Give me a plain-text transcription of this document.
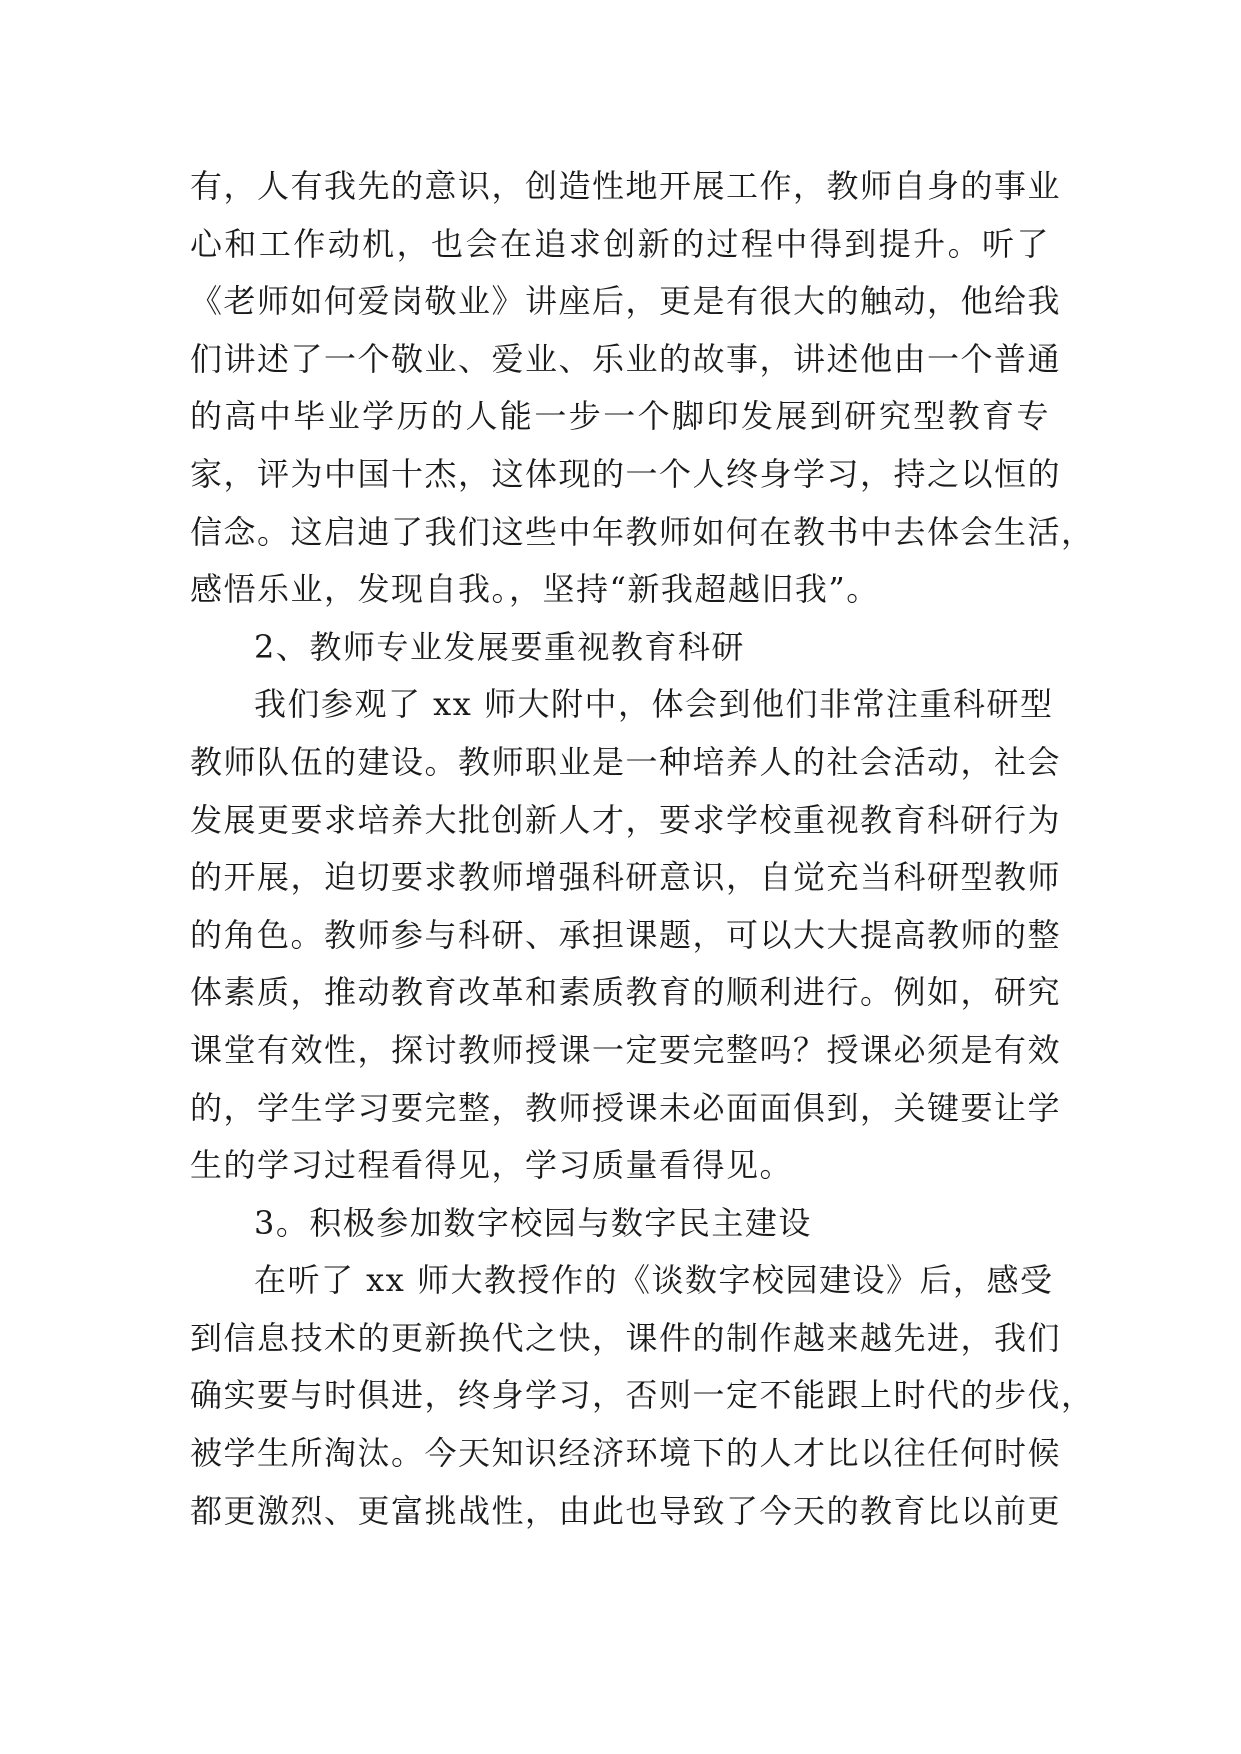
有，人有我先的意识，创造性地开展工作，教师自身的事业
心和工作动机，也会在追求创新的过程中得到提升。听了
《老师如何爱岗敬业》讲座后，更是有很大的触动，他给我
们讲述了一个敬业、爱业、乐业的故事，讲述他由一个普通
的高中毕业学历的人能一步一个脚印发展到研究型教育专
家，评为中国十杰，这体现的一个人终身学习，持之以恒的
信念。这启迪了我们这些中年教师如何在教书中去体会生活，
感悟乐业，发现自我。，坚持“新我超越旧我”。
2、教师专业发展要重视教育科研
我们参观了 xx 师大附中，体会到他们非常注重科研型
教师队伍的建设。教师职业是一种培养人的社会活动，社会
发展更要求培养大批创新人才，要求学校重视教育科研行为
的开展，迫切要求教师增强科研意识，自觉充当科研型教师
的角色。教师参与科研、承担课题，可以大大提高教师的整
体素质，推动教育改革和素质教育的顺利进行。例如，研究
课堂有效性，探讨教师授课一定要完整吗？授课必须是有效
的，学生学习要完整，教师授课未必面面俱到，关键要让学
生的学习过程看得见，学习质量看得见。
3。积极参加数字校园与数字民主建设
在听了 xx 师大教授作的《谈数字校园建设》后，感受
到信息技术的更新换代之快，课件的制作越来越先进，我们
确实要与时俱进，终身学习，否则一定不能跟上时代的步伐，
被学生所淘汰。今天知识经济环境下的人才比以往任何时候
都更激烈、更富挑战性，由此也导致了今天的教育比以前更
